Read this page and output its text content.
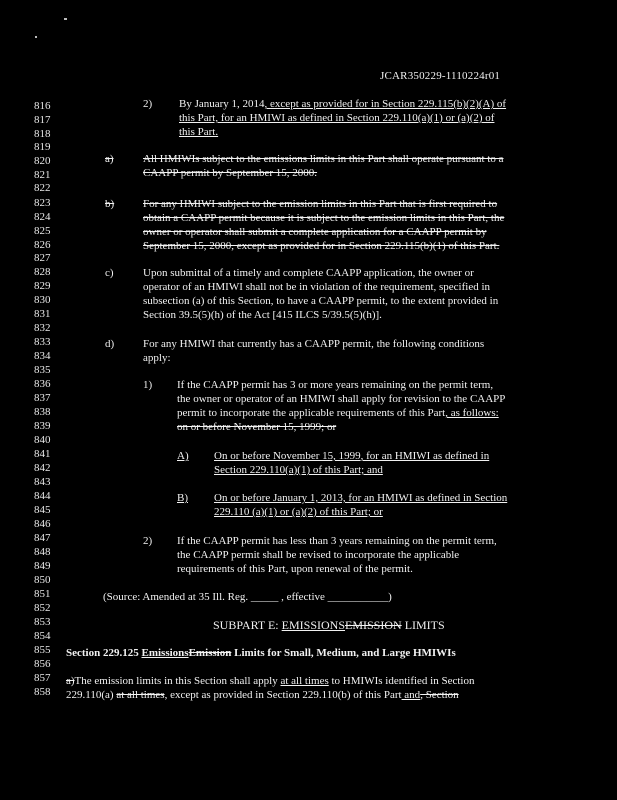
JCAR350229-1110224r01
816
817
818
819
820
821
822
823
824
825
826
827
828
829
830
831
832
833
834
835
836
837
838
839
840
841
842
843
844
845
846
847
848
849
850
851
852
853
854
855
856
857
858
2) By January 1, 2014, except as provided for in Section 229.115(b)(2)(A) of
this Part, for an HMIWI as defined in Section 229.110(a)(1) or (a)(2) of
this Part.
a)	All HMIWIs subject to the emissions limits in this Part shall operate pursuant to a
CAAPP permit by September 15, 2000.
b)	For any HMIWI subject to the emission limits in this Part that is first required to
obtain a CAAPP permit because it is subject to the emission limits in this Part, the
owner or operator shall submit a complete application for a CAAPP permit by
September 15, 2000, except as provided for in Section 229.115(b)(1) of this Part.
c)	Upon submittal of a timely and complete CAAPP application, the owner or
operator of an HMIWI shall not be in violation of the requirement, specified in
subsection (a) of this Section, to have a CAAPP permit, to the extent provided in
Section 39.5(5)(h) of the Act [415 ILCS 5/39.5(5)(h)].
d)	For any HMIWI that currently has a CAAPP permit, the following conditions
apply:
1) If the CAAPP permit has 3 or more years remaining on the permit term,
the owner or operator of an HMIWI shall apply for revision to the CAAPP
permit to incorporate the applicable requirements of this Part, as follows:
on or before November 15, 1999; or
A) On or before November 15, 1999, for an HMIWI as defined in
Section 229.110(a)(1) of this Part; and
B) On or before January 1, 2013, for an HMIWI as defined in Section
229.110 (a)(1) or (a)(2) of this Part; or
2) If the CAAPP permit has less than 3 years remaining on the permit term,
the CAAPP permit shall be revised to incorporate the applicable
requirements of this Part, upon renewal of the permit.
(Source: Amended at 35 Ill. Reg. _____ , effective ___________)
SUBPART E: EMISSIONSEMISSION LIMITS
Section 229.125 EmissionsEmission Limits for Small, Medium, and Large HMIWIs
a)The emission limits in this Section shall apply at all times to HMIWIs identified in Section
229.110(a) at all times, except as provided in Section 229.110(b) of this Part and, Section
